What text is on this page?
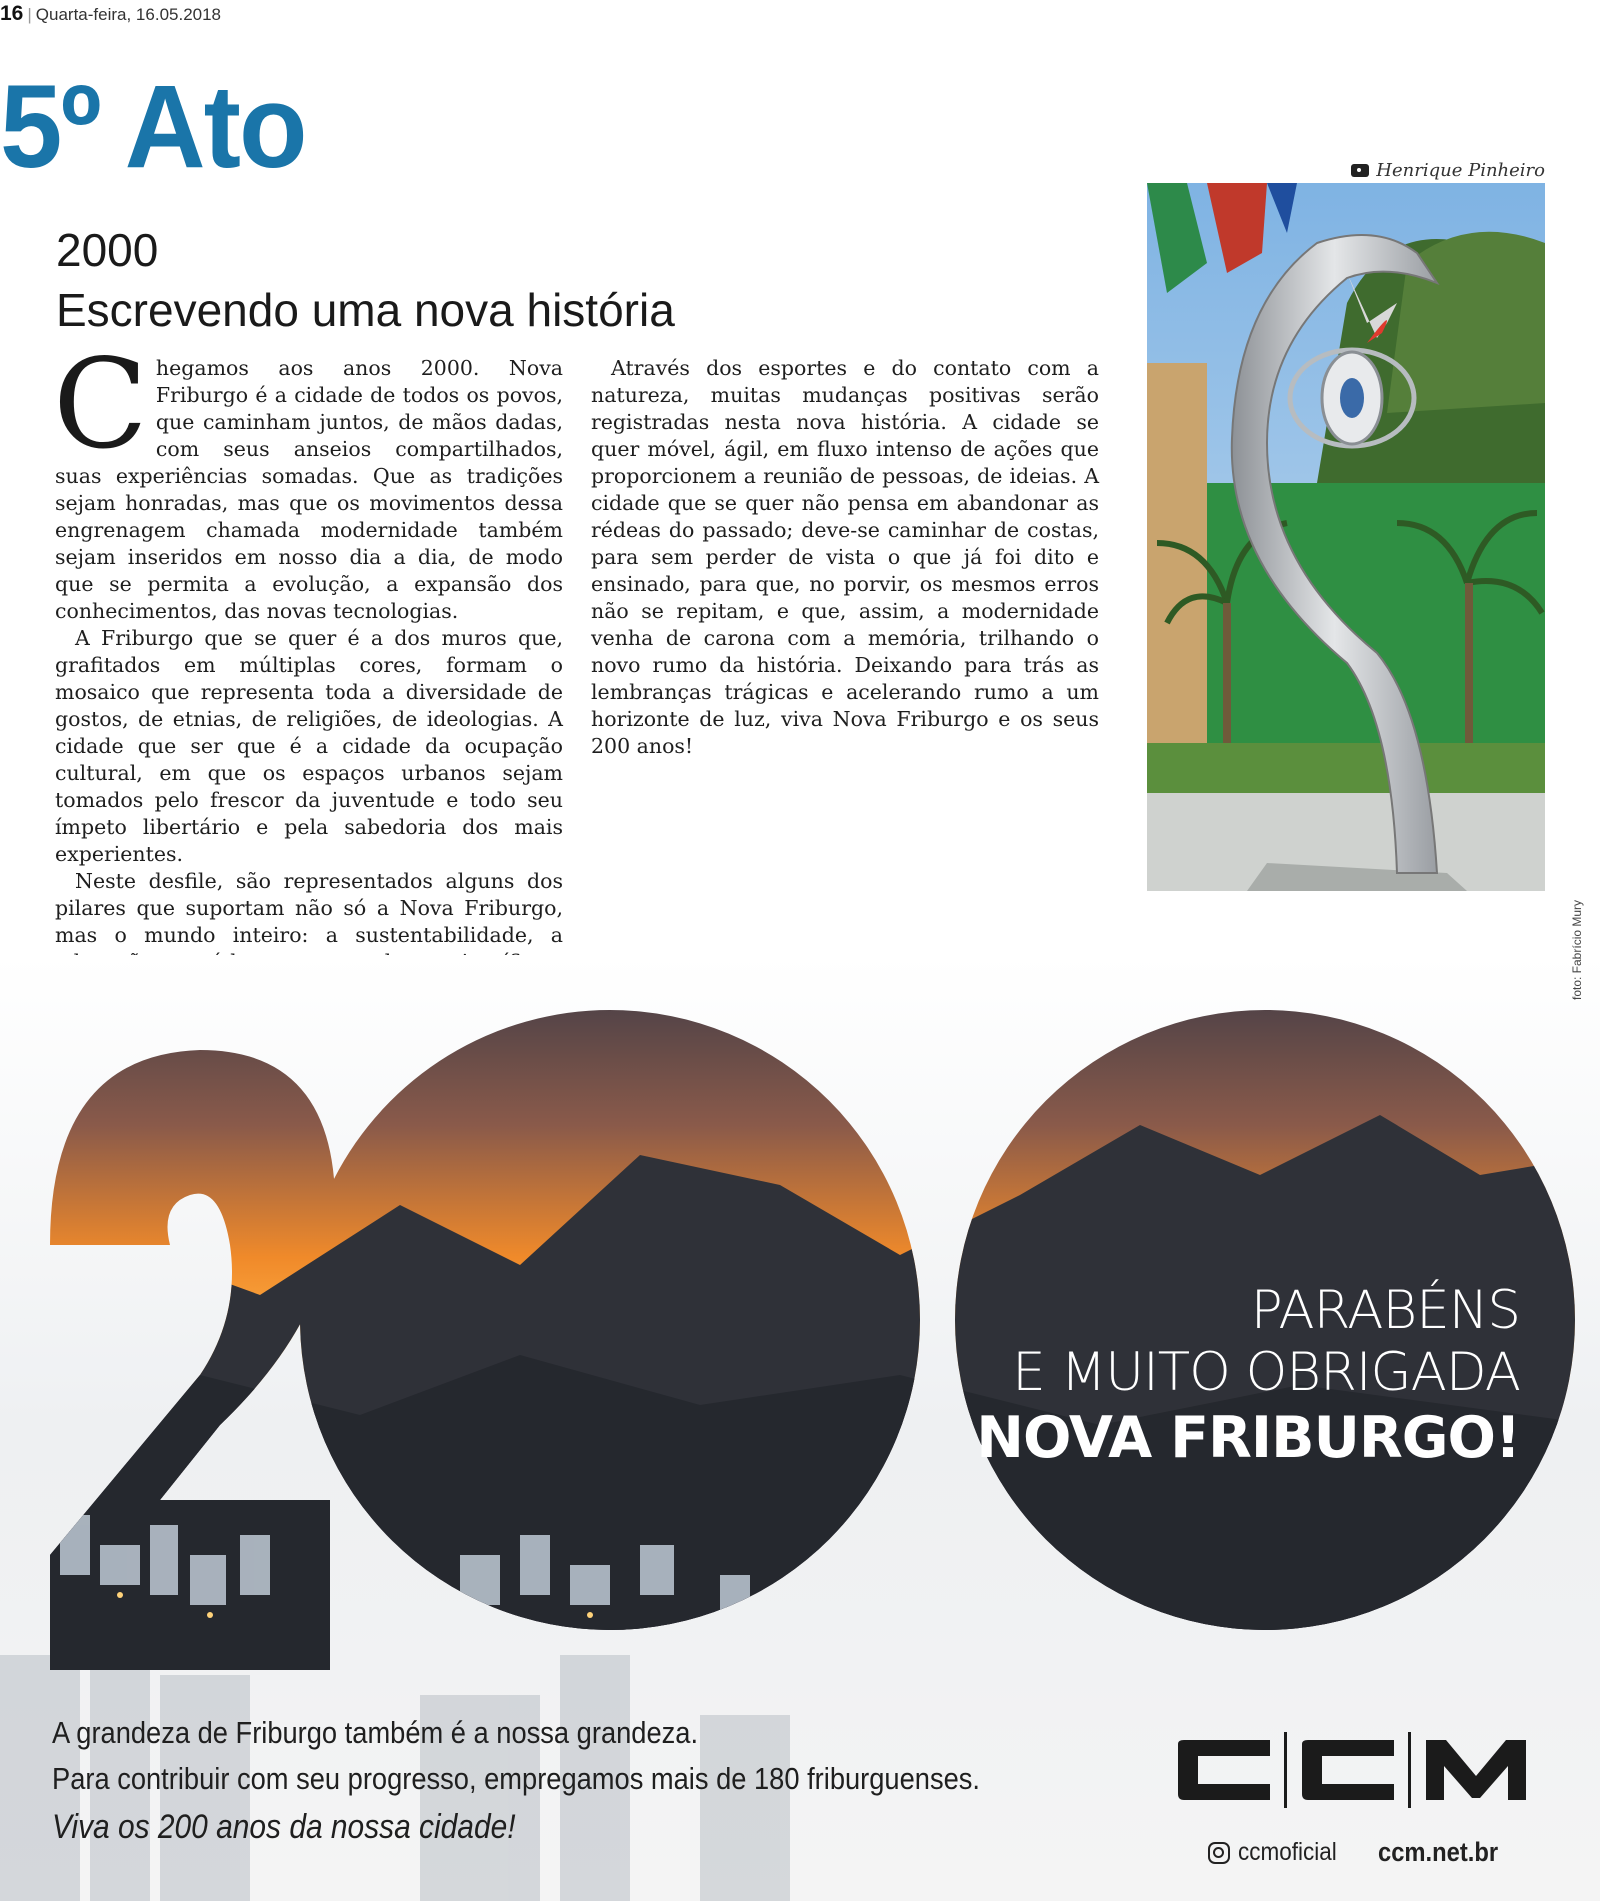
16 | Quarta-feira, 16.05.2018
5º Ato
2000
Escrevendo uma nova história

Chegamos aos anos 2000. Nova Friburgo é a cidade de todos os povos, que caminham juntos, de mãos dadas, com seus anseios compartilhados, suas experiências somadas. Que as tradições sejam honradas, mas que os movimentos dessa engrenagem chamada modernidade também sejam inseridos em nosso dia a dia, de modo que se permita a evolução, a expansão dos conhecimentos, das novas tecnologias.

A Friburgo que se quer é a dos muros que, grafitados em múltiplas cores, formam o mosaico que representa toda a diversidade de gostos, de etnias, de religiões, de ideologias. A cidade que ser que é a cidade da ocupação cultural, em que os espaços urbanos sejam tomados pelo frescor da juventude e todo seu ímpeto libertário e pela sabedoria dos mais experientes.

Neste desfile, são representados alguns dos pilares que suportam não só a Nova Friburgo, mas o mundo inteiro: a sustentabilidade, a

Através dos esportes e do contato com a natureza, muitas mudanças positivas serão registradas nesta nova história. A cidade se quer móvel, ágil, em fluxo intenso de ações que proporcionem a reunião de pessoas, de ideias. A cidade que se quer não pensa em abandonar as rédeas do passado; deve-se caminhar de costas, para sem perder de vista o que já foi dito e ensinado, para que, no porvir, os mesmos erros não se repitam, e que, assim, a modernidade venha de carona com a memória, trilhando o novo rumo da história. Deixando para trás as lembranças trágicas e acelerando rumo a um horizonte de luz, viva Nova Friburgo e os seus 200 anos!

Henrique Pinheiro
foto: Fabrício Mury
PARABÉNS
E MUITO OBRIGADA
NOVA FRIBURGO!
A grandeza de Friburgo também é a nossa grandeza.
Para contribuir com seu progresso, empregamos mais de 180 friburguenses.
Viva os 200 anos da nossa cidade!
ccmoficial ccm.net.br
